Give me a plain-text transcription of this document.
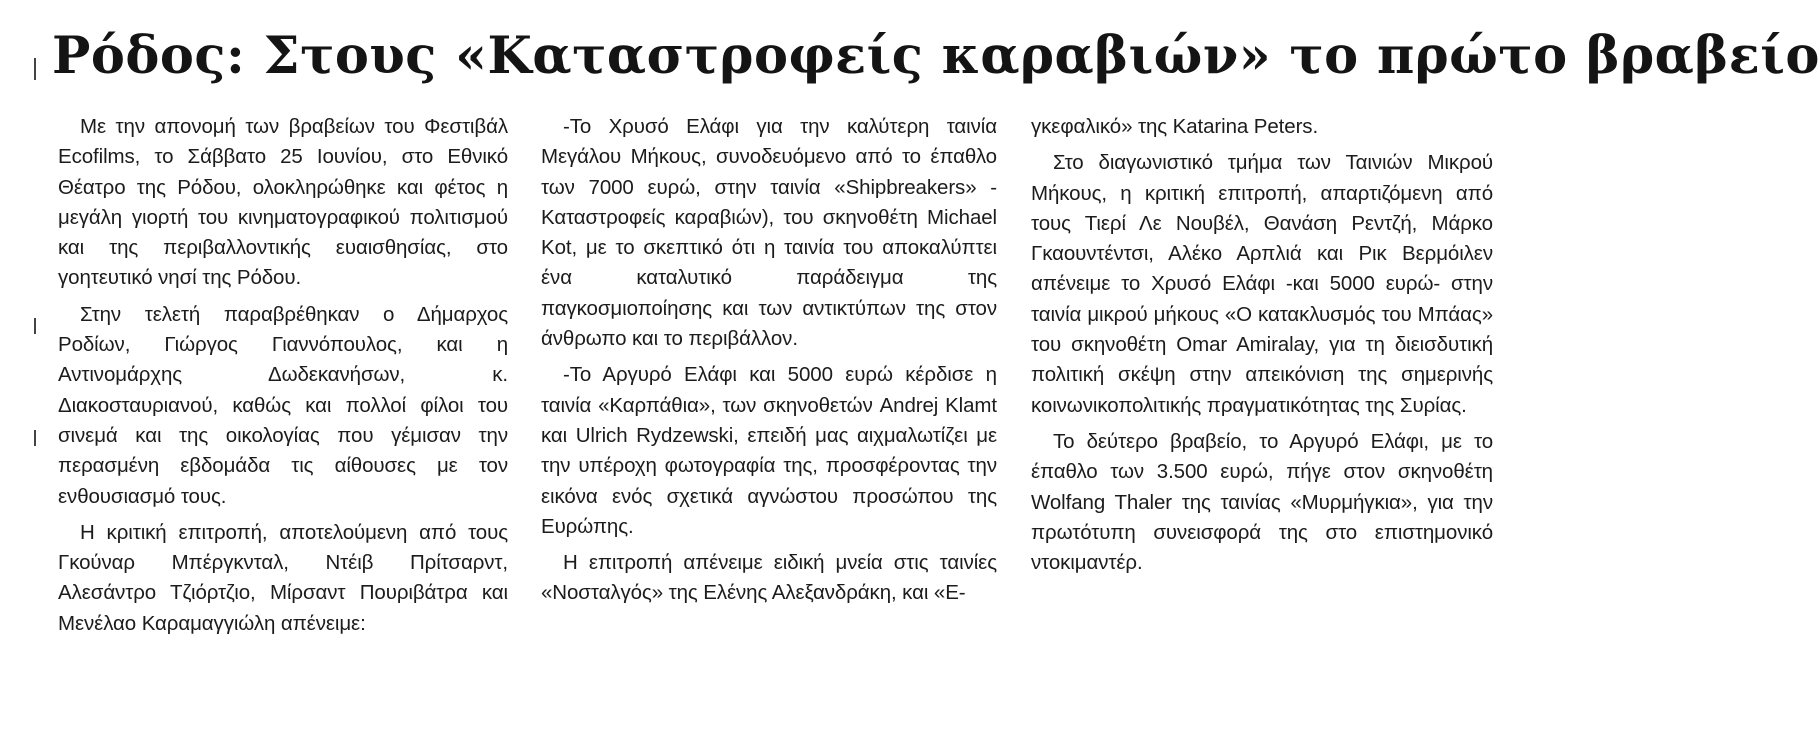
Ρόδος: Στους «Καταστροφείς καραβιών» το πρώτο βραβείο

Με την απονομή των βραβείων του Φεστιβάλ Ecofilms, το Σάββατο 25 Ιουνίου, στο Εθνικό Θέατρο της Ρόδου, ολοκληρώθηκε και φέτος η μεγάλη γιορτή του κινηματογραφικού πολιτισμού και της περιβαλλοντικής ευαισθησίας, στο γοητευτικό νησί της Ρόδου.

Στην τελετή παραβρέθηκαν ο Δήμαρχος Ροδίων, Γιώργος Γιαννόπουλος, και η Αντινομάρχης Δωδεκανήσων, κ. Διακοσταυριανού, καθώς και πολλοί φίλοι του σινεμά και της οικολογίας που γέμισαν την περασμένη εβδομάδα τις αίθουσες με τον ενθουσιασμό τους.

Η κριτική επιτροπή, αποτελούμενη από τους Γκούναρ Μπέργκνταλ, Ντέιβ Πρίτσαρντ, Αλεσάντρο Τζιόρτζιο, Μίρσαντ Πουριβάτρα και Μενέλαο Καραμαγγιώλη απένειμε:

-Το Χρυσό Ελάφι για την καλύτερη ταινία Μεγάλου Μήκους, συνοδευόμενο από το έπαθλο των 7000 ευρώ, στην ταινία «Shipbreakers» - Καταστροφείς καραβιών), του σκηνοθέτη Michael Kot, με το σκεπτικό ότι η ταινία του αποκαλύπτει ένα καταλυτικό παράδειγμα της παγκοσμιοποίησης και των αντικτύπων της στον άνθρωπο και το περιβάλλον.

-Το Αργυρό Ελάφι και 5000 ευρώ κέρδισε η ταινία «Καρπάθια», των σκηνοθετών Andrej Klamt και Ulrich Rydzewski, επειδή μας αιχμαλωτίζει με την υπέροχη φωτογραφία της, προσφέροντας την εικόνα ενός σχετικά αγνώστου προσώπου της Ευρώπης.

Η επιτροπή απένειμε ειδική μνεία στις ταινίες «Νοσταλγός» της Ελένης Αλεξανδράκη, και «Ε-

γκεφαλικό» της Katarina Peters.

Στο διαγωνιστικό τμήμα των Ταινιών Μικρού Μήκους, η κριτική επιτροπή, απαρτιζόμενη από τους Τιερί Λε Νουβέλ, Θανάση Ρεντζή, Μάρκο Γκαουντέντσι, Αλέκο Αρπλιά και Ρικ Βερμόιλεν απένειμε το Χρυσό Ελάφι -και 5000 ευρώ- στην ταινία μικρού μήκους «Ο κατακλυσμός του Μπάας» του σκηνοθέτη Omar Amiralay, για τη διεισδυτική πολιτική σκέψη στην απεικόνιση της σημερινής κοινωνικοπολιτικής πραγματικότητας της Συρίας.

Το δεύτερο βραβείο, το Αργυρό Ελάφι, με το έπαθλο των 3.500 ευρώ, πήγε στον σκηνοθέτη Wolfang Thaler της ταινίας «Μυρμήγκια», για την πρωτότυπη συνεισφορά της στο επιστημονικό ντοκιμαντέρ.
